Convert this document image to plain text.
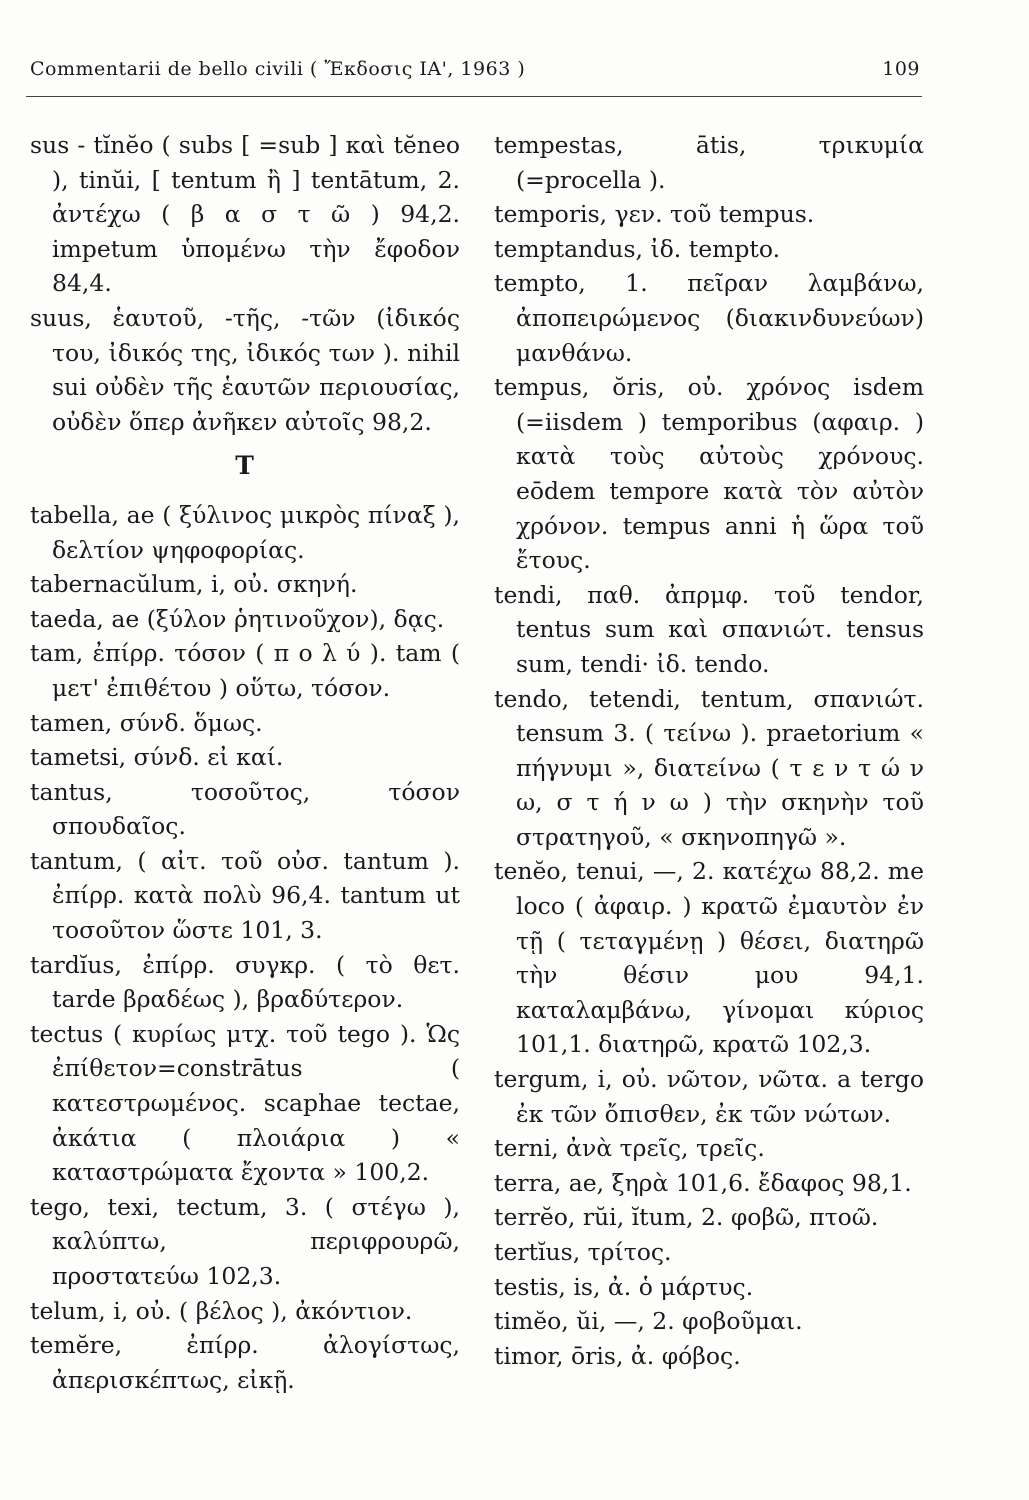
Commentarii de bello civili ( Ἔκδοσις ΙΑ', 1963 )	109

sus - tĭnĕo ( subs [ =sub ] καὶ tĕneo ), tinŭi, [ tentum ἢ ] tentātum, 2. ἀντέχω ( β α σ τ ῶ ) 94,2. impetum ὑπομένω τὴν ἔφοδον 84,4.

suus, ἑαυτοῦ, -τῆς, -τῶν (ἰδικός του, ἰδικός της, ἰδικός των ). nihil sui οὐδὲν τῆς ἑαυτῶν περιουσίας, οὐδὲν ὅπερ ἀνῆκεν αὐτοῖς 98,2.

T

tabella, ae ( ξύλινος μικρὸς πίναξ ), δελτίον ψηφοφορίας.

tabernacŭlum, i, οὐ. σκηνή.

taeda, ae (ξύλον ῥητινοῦχον), δᾳς.

tam, ἐπίρρ. τόσον ( π ο λ ύ ). tam ( μετ' ἐπιθέτου ) οὕτω, τόσον.

tamen, σύνδ. ὅμως.

tametsi, σύνδ. εἰ καί.

tantus, τοσοῦτος, τόσον σπουδαῖος.

tantum, ( αἰτ. τοῦ οὐσ. tantum ). ἐπίρρ. κατὰ πολὺ 96,4. tantum ut τοσοῦτον ὥστε 101, 3.

tardĭus, ἐπίρρ. συγκρ. ( τὸ θετ. tarde βραδέως ), βραδύτερον.

tectus ( κυρίως μτχ. τοῦ tego ). Ὡς ἐπίθετον=constrātus ( κατεστρωμένος. scaphae tectae, ἀκάτια ( πλοιάρια ) « καταστρώματα ἔχοντα » 100,2.

tego, texi, tectum, 3. ( στέγω ), καλύπτω, περιφρουρῶ, προστατεύω 102,3.

telum, i, οὐ. ( βέλος ), ἀκόντιον.

temĕre, ἐπίρρ. ἀλογίστως, ἀπερισκέπτως, εἰκῇ.

tempestas, ātis, τρικυμία (=procella ).

temporis, γεν. τοῦ tempus.

temptandus, ἰδ. tempto.

tempto, 1. πεῖραν λαμβάνω, ἀποπειρώμενος (διακινδυνεύων) μανθάνω.

tempus, ŏris, οὐ. χρόνος isdem (=iisdem ) temporibus (αφαιρ. ) κατὰ τοὺς αὐτοὺς χρόνους. eōdem tempore κατὰ τὸν αὐτὸν χρόνον. tempus anni ἡ ὥρα τοῦ ἔτους.

tendi, παθ. ἀπρμφ. τοῦ tendor, tentus sum καὶ σπανιώτ. tensus sum, tendi· ἰδ. tendo.

tendo, tetendi, tentum, σπανιώτ. tensum 3. ( τείνω ). praetorium « πήγνυμι », διατείνω ( τ ε ν τ ώ ν ω, σ τ ή ν ω ) τὴν σκηνὴν τοῦ στρατηγοῦ, « σκηνοπηγῶ ».

tenĕo, tenui, —, 2. κατέχω 88,2. me loco ( ἀφαιρ. ) κρατῶ ἐμαυτὸν ἐν τῇ ( τεταγμένῃ ) θέσει, διατηρῶ τὴν θέσιν μου 94,1. καταλαμβάνω, γίνομαι κύριος 101,1. διατηρῶ, κρατῶ 102,3.

tergum, i, οὐ. νῶτον, νῶτα. a tergo ἐκ τῶν ὄπισθεν, ἐκ τῶν νώτων.

terni, ἀνὰ τρεῖς, τρεῖς.

terra, ae, ξηρὰ 101,6. ἔδαφος 98,1.

terrĕo, rŭi, ĭtum, 2. φοβῶ, πτοῶ.

tertĭus, τρίτος.

testis, is, ἀ. ὁ μάρτυς.

timĕo, ŭi, —, 2. φοβοῦμαι.

timor, ōris, ἀ. φόβος.
